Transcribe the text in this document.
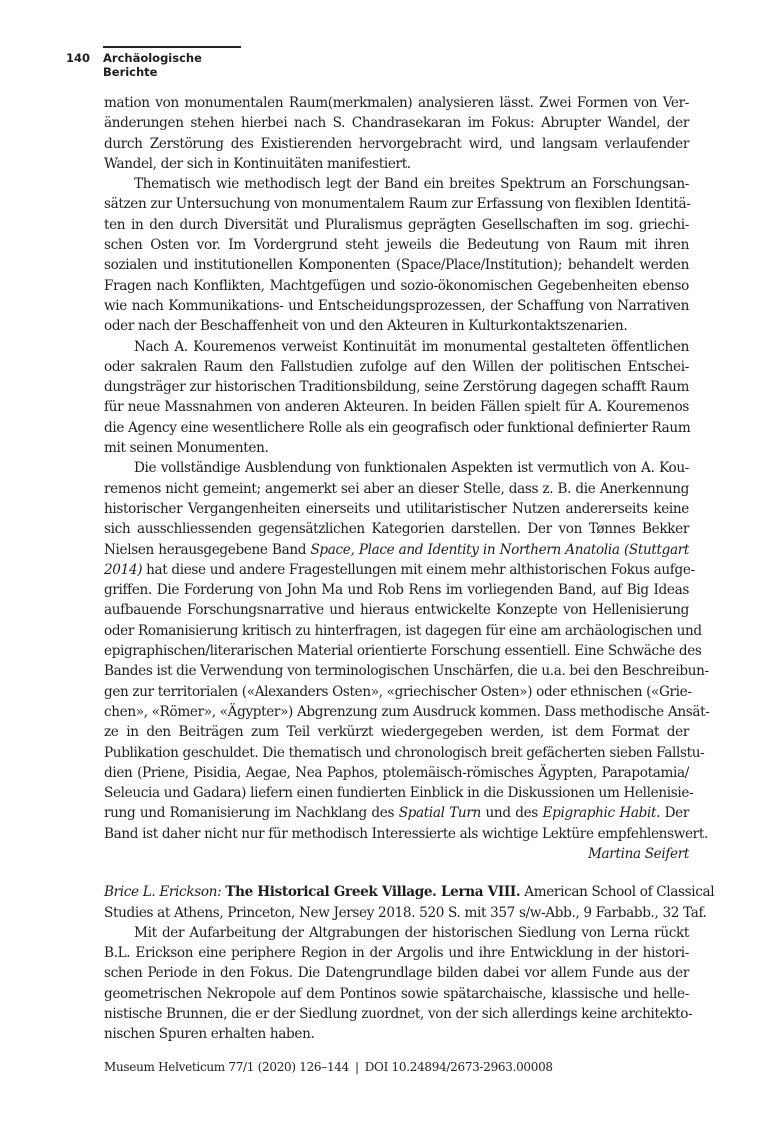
140 Archäologische Berichte
mation von monumentalen Raum(merkmalen) analysieren lässt. Zwei Formen von Ver-
änderungen stehen hierbei nach S. Chandrasekaran im Fokus: Abrupter Wandel, der
durch Zerstörung des Existierenden hervorgebracht wird, und langsam verlaufender
Wandel, der sich in Kontinuitäten manifestiert.
Thematisch wie methodisch legt der Band ein breites Spektrum an Forschungsan-
sätzen zur Untersuchung von monumentalem Raum zur Erfassung von flexiblen Identitä-
ten in den durch Diversität und Pluralismus geprägten Gesellschaften im sog. griechi-
schen Osten vor. Im Vordergrund steht jeweils die Bedeutung von Raum mit ihren
sozialen und institutionellen Komponenten (Space/Place/Institution); behandelt werden
Fragen nach Konflikten, Machtgefügen und sozio-ökonomischen Gegebenheiten ebenso
wie nach Kommunikations- und Entscheidungsprozessen, der Schaffung von Narrativen
oder nach der Beschaffenheit von und den Akteuren in Kulturkontaktszenarien.
Nach A. Kouremenos verweist Kontinuität im monumental gestalteten öffentlichen
oder sakralen Raum den Fallstudien zufolge auf den Willen der politischen Entschei-
dungsträger zur historischen Traditionsbildung, seine Zerstörung dagegen schafft Raum
für neue Massnahmen von anderen Akteuren. In beiden Fällen spielt für A. Kouremenos
die Agency eine wesentlichere Rolle als ein geografisch oder funktional definierter Raum
mit seinen Monumenten.
Die vollständige Ausblendung von funktionalen Aspekten ist vermutlich von A. Kou-
remenos nicht gemeint; angemerkt sei aber an dieser Stelle, dass z. B. die Anerkennung
historischer Vergangenheiten einerseits und utilitaristischer Nutzen andererseits keine
sich ausschliessenden gegensätzlichen Kategorien darstellen. Der von Tønnes Bekker
Nielsen herausgegebene Band Space, Place and Identity in Northern Anatolia (Stuttgart
2014) hat diese und andere Fragestellungen mit einem mehr althistorischen Fokus aufge-
griffen. Die Forderung von John Ma und Rob Rens im vorliegenden Band, auf Big Ideas
aufbauende Forschungsnarrative und hieraus entwickelte Konzepte von Hellenisierung
oder Romanisierung kritisch zu hinterfragen, ist dagegen für eine am archäologischen und
epigraphischen/literarischen Material orientierte Forschung essentiell. Eine Schwäche des
Bandes ist die Verwendung von terminologischen Unschärfen, die u.a. bei den Beschreibun-
gen zur territorialen («Alexanders Osten», «griechischer Osten») oder ethnischen («Grie-
chen», «Römer», «Ägypter») Abgrenzung zum Ausdruck kommen. Dass methodische Ansät-
ze in den Beiträgen zum Teil verkürzt wiedergegeben werden, ist dem Format der
Publikation geschuldet. Die thematisch und chronologisch breit gefächerten sieben Fallstu-
dien (Priene, Pisidia, Aegae, Nea Paphos, ptolemäisch-römisches Ägypten, Parapotamia/
Seleucia und Gadara) liefern einen fundierten Einblick in die Diskussionen um Hellenisie-
rung und Romanisierung im Nachklang des Spatial Turn und des Epigraphic Habit. Der
Band ist daher nicht nur für methodisch Interessierte als wichtige Lektüre empfehlenswert.
Martina Seifert
Brice L. Erickson: The Historical Greek Village. Lerna VIII. American School of Classical
Studies at Athens, Princeton, New Jersey 2018. 520 S. mit 357 s/w-Abb., 9 Farbabb., 32 Taf.
Mit der Aufarbeitung der Altgrabungen der historischen Siedlung von Lerna rückt
B.L. Erickson eine periphere Region in der Argolis und ihre Entwicklung in der histori-
schen Periode in den Fokus. Die Datengrundlage bilden dabei vor allem Funde aus der
geometrischen Nekropole auf dem Pontinos sowie spätarchaische, klassische und helle-
nistische Brunnen, die er der Siedlung zuordnet, von der sich allerdings keine architekto-
nischen Spuren erhalten haben.
Museum Helveticum 77/1 (2020) 126–144 | DOI 10.24894/2673-2963.00008
